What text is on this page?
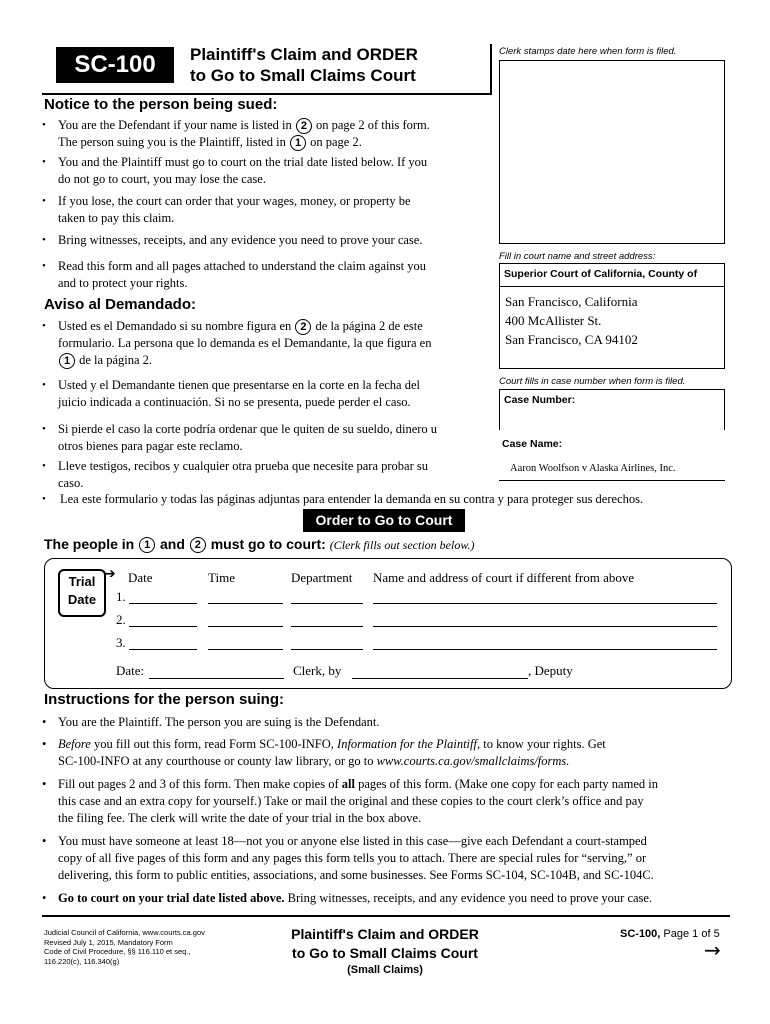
SC-100	Plaintiff's Claim and ORDER
to Go to Small Claims Court
Clerk stamps date here when form is filed.
Notice to the person being sued:
• You are the Defendant if your name is listed in 2 on page 2 of this form.
The person suing you is the Plaintiff, listed in 1 on page 2.
• You and the Plaintiff must go to court on the trial date listed below. If you
do not go to court, you may lose the case.
• If you lose, the court can order that your wages, money, or property be
taken to pay this claim.
• Bring witnesses, receipts, and any evidence you need to prove your case.
• Read this form and all pages attached to understand the claim against you
and to protect your rights.
Fill in court name and street address:
Superior Court of California, County of
San Francisco, California
400 McAllister St.
San Francisco, CA 94102
Court fills in case number when form is filed.
Case Number:
Case Name:
Aaron Woolfson v Alaska Airlines, Inc.
Aviso al Demandado:
• Usted es el Demandado si su nombre figura en 2 de la página 2 de este
formulario. La persona que lo demanda es el Demandante, la que figura en
1 de la página 2.
• Usted y el Demandante tienen que presentarse en la corte en la fecha del
juicio indicada a continuación. Si no se presenta, puede perder el caso.
• Si pierde el caso la corte podría ordenar que le quiten de su sueldo, dinero u
otros bienes para pagar este reclamo.
• Lleve testigos, recibos y cualquier otra prueba que necesite para probar su
caso.
• Lea este formulario y todas las páginas adjuntas para entender la demanda en su contra y para proteger sus derechos.
Order to Go to Court
The people in 1 and 2 must go to court: (Clerk fills out section below.)
Trial
Date
➔ Date	Time	Department Name and address of court if different from above
1.
2.
3.
Date:	Clerk, by	, Deputy
Instructions for the person suing:
• You are the Plaintiff. The person you are suing is the Defendant.
• Before you fill out this form, read Form SC-100-INFO, Information for the Plaintiff, to know your rights. Get
SC-100-INFO at any courthouse or county law library, or go to www.courts.ca.gov/smallclaims/forms.
• Fill out pages 2 and 3 of this form. Then make copies of all pages of this form. (Make one copy for each party named in
this case and an extra copy for yourself.) Take or mail the original and these copies to the court clerk’s office and pay
the filing fee. The clerk will write the date of your trial in the box above.
• You must have someone at least 18—not you or anyone else listed in this case—give each Defendant a court-stamped
copy of all five pages of this form and any pages this form tells you to attach. There are special rules for “serving,” or
delivering, this form to public entities, associations, and some businesses. See Forms SC-104, SC-104B, and SC-104C.
• Go to court on your trial date listed above. Bring witnesses, receipts, and any evidence you need to prove your case.
Judicial Council of California, www.courts.ca.gov
Revised July 1, 2015, Mandatory Form
Code of Civil Procedure, §§ 116.110 et seq.,
116.220(c), 116.340(g)
Plaintiff's Claim and ORDER
to Go to Small Claims Court
(Small Claims)
SC-100, Page 1 of 5
→
